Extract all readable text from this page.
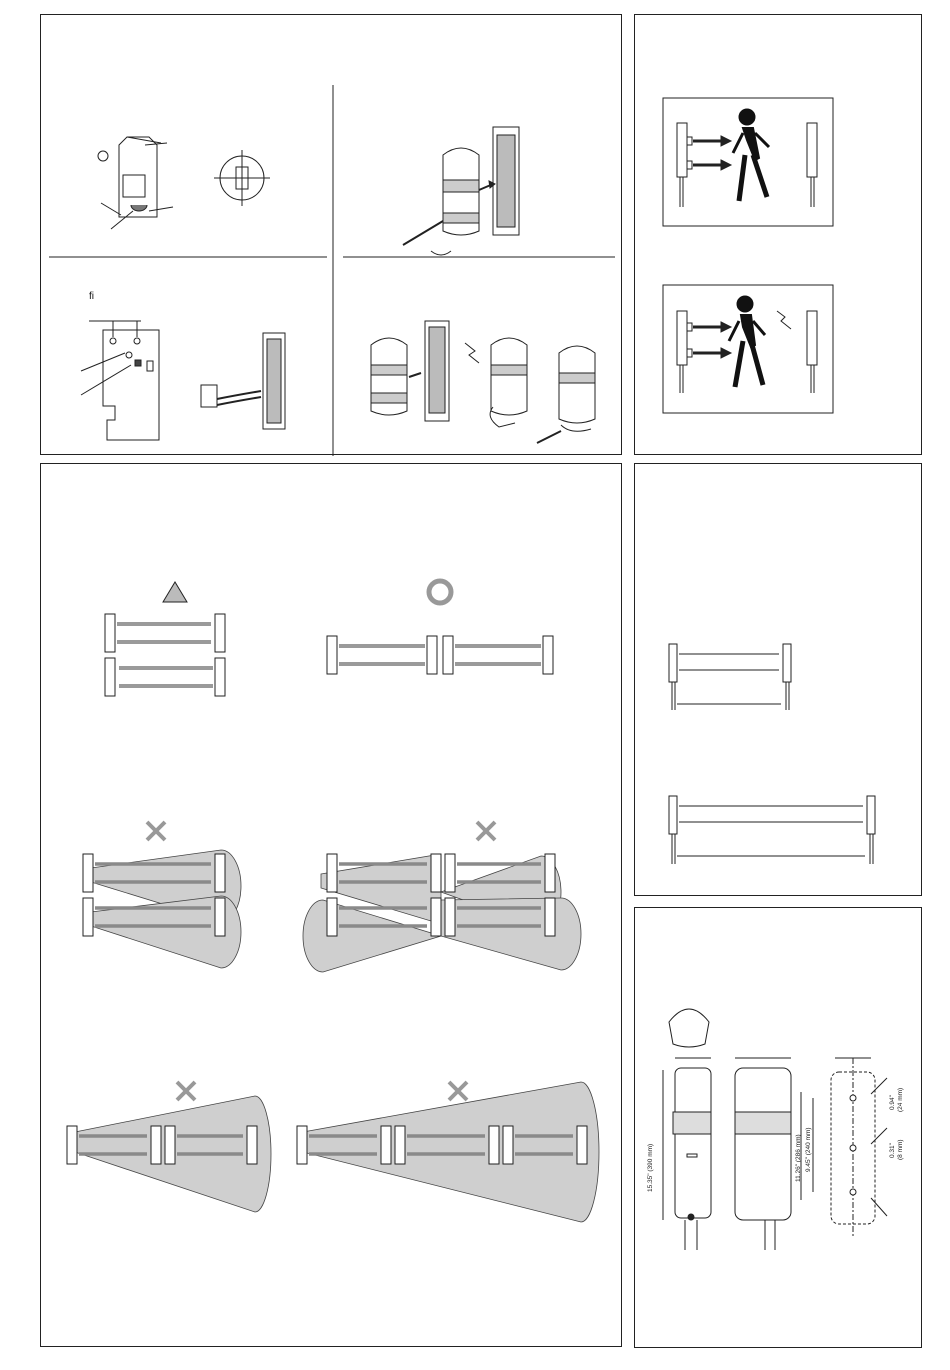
ﬁ
15.35" (390 mm)	11.26" (286 mm) 9.45" (240 mm)
0.94" (24 mm)
0.31" (8 mm)
